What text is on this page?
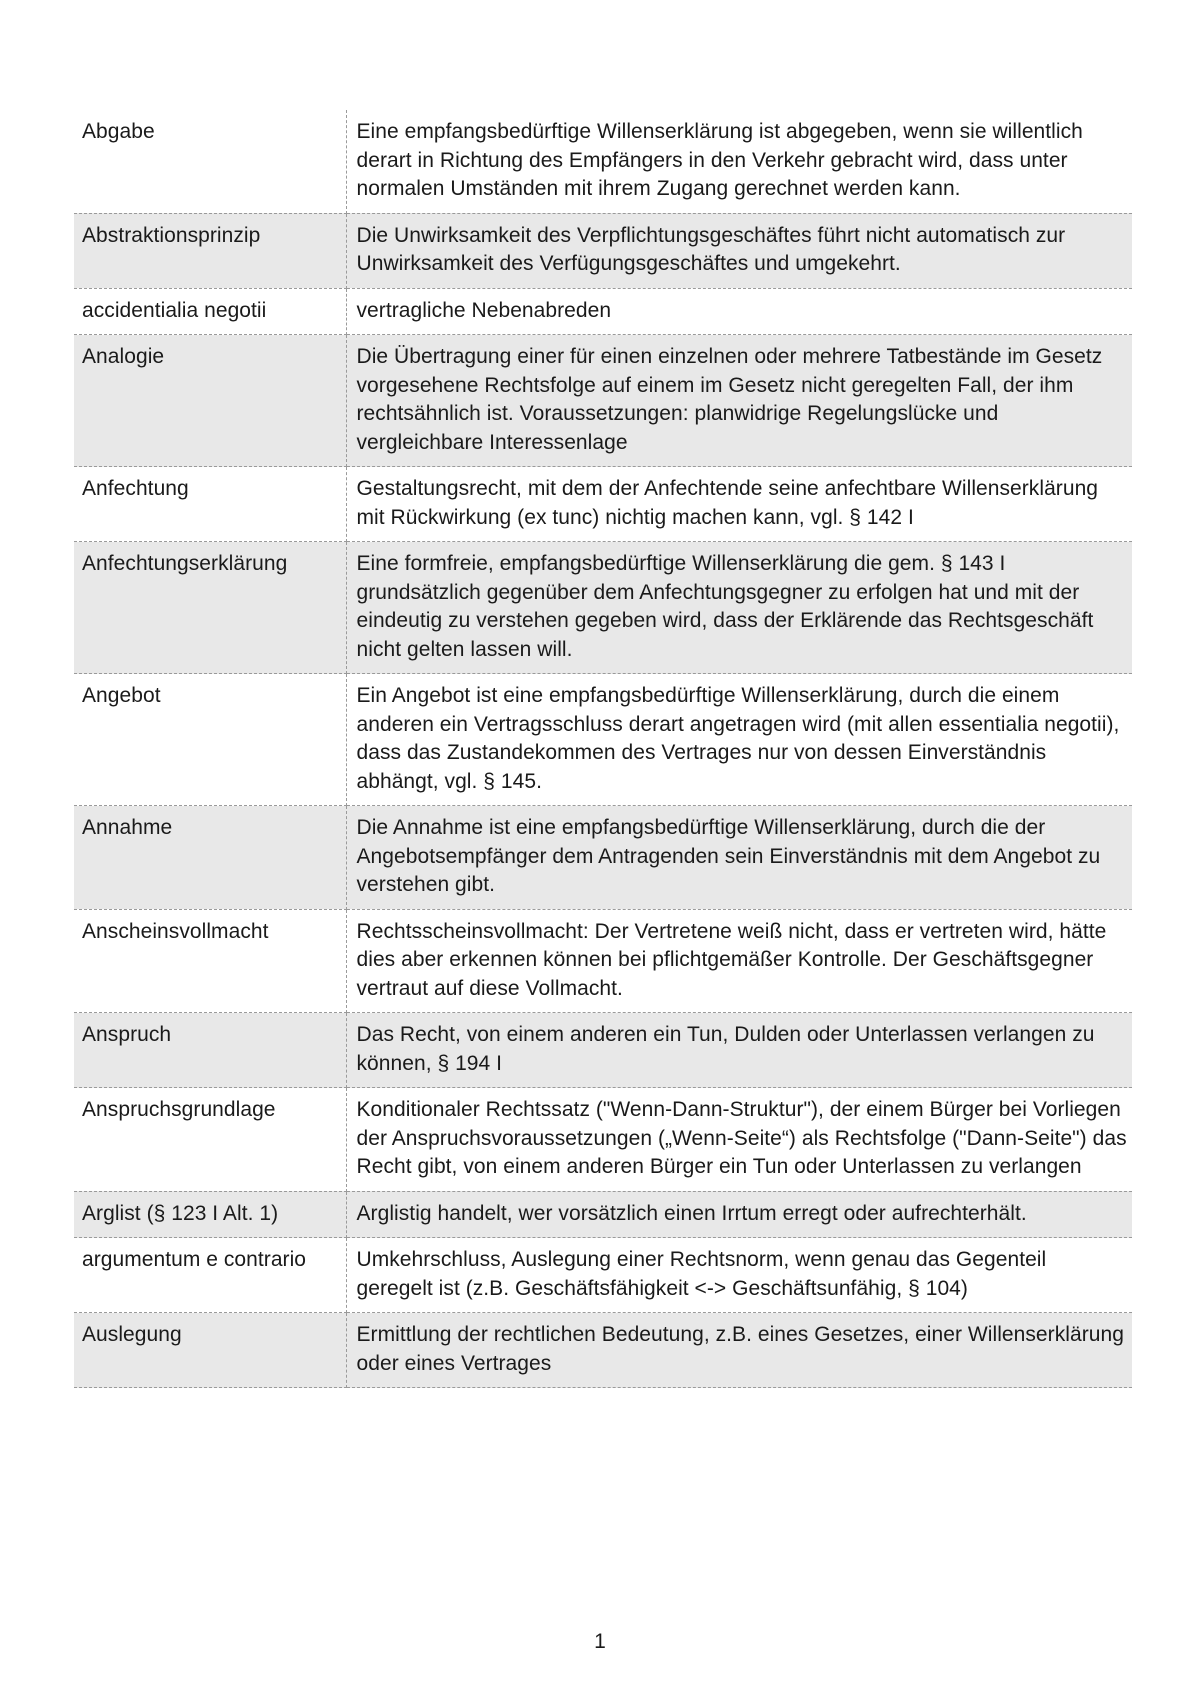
Abgabe	Eine empfangsbedürftige Willenserklärung ist abgegeben, wenn sie willentlich derart in Richtung des Empfängers in den Verkehr gebracht wird, dass unter normalen Umständen mit ihrem Zugang gerechnet werden kann.
Abstraktionsprinzip	Die Unwirksamkeit des Verpflichtungsgeschäftes führt nicht automatisch zur Unwirksamkeit des Verfügungsgeschäftes und umgekehrt.
accidentialia negotii	vertragliche Nebenabreden
Analogie	Die Übertragung einer für einen einzelnen oder mehrere Tatbestände im Gesetz vorgesehene Rechtsfolge auf einem im Gesetz nicht geregelten Fall, der ihm rechtsähnlich ist. Voraussetzungen: planwidrige Regelungslücke und vergleichbare Interessenlage
Anfechtung	Gestaltungsrecht, mit dem der Anfechtende seine anfechtbare Willenserklärung mit Rückwirkung (ex tunc) nichtig machen kann, vgl. § 142 I
Anfechtungserklärung	Eine formfreie, empfangsbedürftige Willenserklärung die gem. § 143 I grundsätzlich gegenüber dem Anfechtungsgegner zu erfolgen hat und mit der eindeutig zu verstehen gegeben wird, dass der Erklärende das Rechtsgeschäft nicht gelten lassen will.
Angebot	Ein Angebot ist eine empfangsbedürftige Willenserklärung, durch die einem anderen ein Vertragsschluss derart angetragen wird (mit allen essentialia negotii), dass das Zustandekommen des Vertrages nur von dessen Einverständnis abhängt, vgl. § 145.
Annahme	Die Annahme ist eine empfangsbedürftige Willenserklärung, durch die der Angebotsempfänger dem Antragenden sein Einverständnis mit dem Angebot zu verstehen gibt.
Anscheinsvollmacht	Rechtsscheinsvollmacht: Der Vertretene weiß nicht, dass er vertreten wird, hätte dies aber erkennen können bei pflichtgemäßer Kontrolle. Der Geschäftsgegner vertraut auf diese Vollmacht.
Anspruch	Das Recht, von einem anderen ein Tun, Dulden oder Unterlassen verlangen zu können, § 194 I
Anspruchsgrundlage	Konditionaler Rechtssatz ("Wenn-Dann-Struktur"), der einem Bürger bei Vorliegen der Anspruchsvoraussetzungen („Wenn-Seite“) als Rechtsfolge ("Dann-Seite") das Recht gibt, von einem anderen Bürger ein Tun oder Unterlassen zu verlangen
Arglist (§ 123 I Alt. 1)	Arglistig handelt, wer vorsätzlich einen Irrtum erregt oder aufrechterhält.
argumentum e contrario	Umkehrschluss, Auslegung einer Rechtsnorm, wenn genau das Gegenteil geregelt ist (z.B. Geschäftsfähigkeit <-> Geschäftsunfähig, § 104)
Auslegung	Ermittlung der rechtlichen Bedeutung, z.B. eines Gesetzes, einer Willenserklärung oder eines Vertrages
1
